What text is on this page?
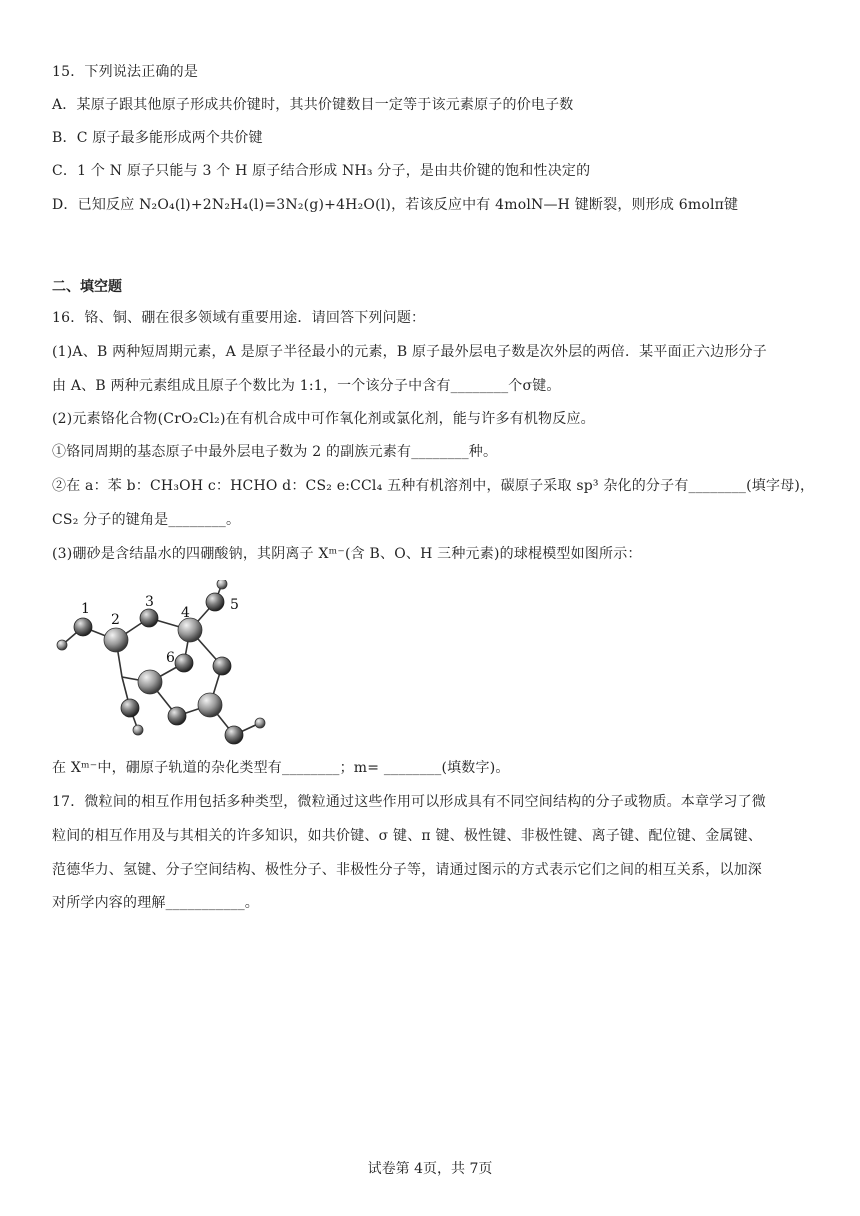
15．下列说法正确的是
A．某原子跟其他原子形成共价键时，其共价键数目一定等于该元素原子的价电子数
B．C 原子最多能形成两个共价键
C．1 个 N 原子只能与 3 个 H 原子结合形成 NH₃ 分子，是由共价键的饱和性决定的
D．已知反应 N₂O₄(l)+2N₂H₄(l)=3N₂(g)+4H₂O(l)，若该反应中有 4molN—H 键断裂，则形成 6molπ键
二、填空题
16．铬、铜、硼在很多领域有重要用途．请回答下列问题：
(1)A、B 两种短周期元素，A 是原子半径最小的元素，B 原子最外层电子数是次外层的两倍．某平面正六边形分子
由 A、B 两种元素组成且原子个数比为 1:1，一个该分子中含有________个σ键。
(2)元素铬化合物(CrO₂Cl₂)在有机合成中可作氧化剂或氯化剂，能与许多有机物反应。
①铬同周期的基态原子中最外层电子数为 2 的副族元素有________种。
②在 a：苯 b：CH₃OH c：HCHO d：CS₂ e:CCl₄ 五种有机溶剂中，碳原子采取 sp³ 杂化的分子有________(填字母)，
CS₂ 分子的键角是________。
(3)硼砂是含结晶水的四硼酸钠，其阴离子 Xᵐ⁻(含 B、O、H 三种元素)的球棍模型如图所示：
1
2
3
4	5
6
在 Xᵐ⁻中，硼原子轨道的杂化类型有________；m= ________(填数字)。
17．微粒间的相互作用包括多种类型，微粒通过这些作用可以形成具有不同空间结构的分子或物质。本章学习了微
粒间的相互作用及与其相关的许多知识，如共价键、σ 键、π 键、极性键、非极性键、离子键、配位键、金属键、
范德华力、氢键、分子空间结构、极性分子、非极性分子等，请通过图示的方式表示它们之间的相互关系，以加深
对所学内容的理解___________。
试卷第 4页，共 7页
